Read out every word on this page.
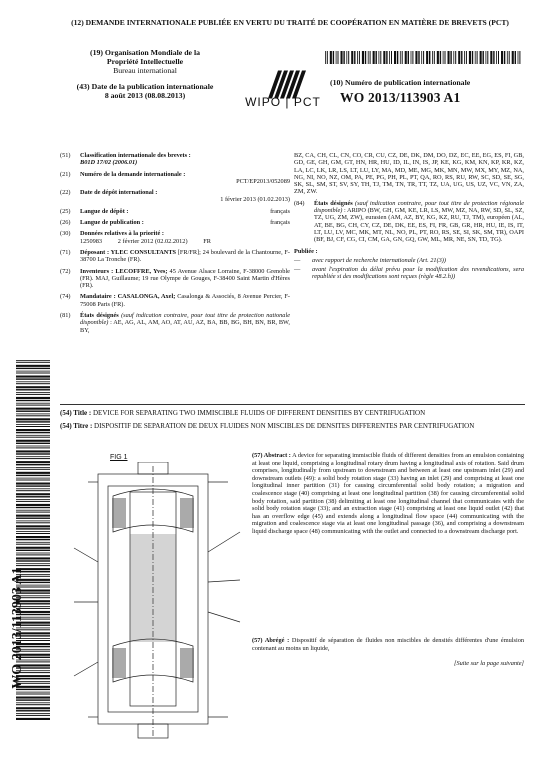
(12) DEMANDE INTERNATIONALE PUBLIÉE EN VERTU DU TRAITÉ DE COOPÉRATION EN MATIÈRE DE BREVETS (PCT)
(19) Organisation Mondiale de la
Propriété Intellectuelle
Bureau international
(43) Date de la publication internationale
8 août 2013 (08.08.2013)	WIPO | PCT
(10) Numéro de publication internationale
WO 2013/113903 A1
WO 2013/113903 A1
(51)	Classification internationale des brevets :
B01D 17/02 (2006.01)
(21)	Numéro de la demande internationale :

PCT/EP2013/052089
(22)	Date de dépôt international :

1 février 2013 (01.02.2013)
(25)	Langue de dépôt :	français
(26)	Langue de publication :	français
(30)	Données relatives à la priorité :
1250983          2 février 2012 (02.02.2012)          FR
(71)	Déposant : YLEC CONSULTANTS [FR/FR]; 24 boulevard de la Chantourne, F-38700 La Tronche (FR).
(72)	Inventeurs : LECOFFRE, Yves; 45 Avenue Alsace Lorraine, F-38000 Grenoble (FR). MAJ, Guillaume; 19 rue Olympe de Gouges, F-38400 Saint Martin d'Hères (FR).
(74)	Mandataire : CASALONGA, Axel; Casalonga & Associés, 8 Avenue Percier, F-75008 Paris (FR).
(81)	États désignés (sauf indication contraire, pour tout titre de protection nationale disponible) : AE, AG, AL, AM, AO, AT, AU, AZ, BA, BB, BG, BH, BN, BR, BW, BY,
BZ, CA, CH, CL, CN, CO, CR, CU, CZ, DE, DK, DM, DO, DZ, EC, EE, EG, ES, FI, GB, GD, GE, GH, GM, GT, HN, HR, HU, ID, IL, IN, IS, JP, KE, KG, KM, KN, KP, KR, KZ, LA, LC, LK, LR, LS, LT, LU, LY, MA, MD, ME, MG, MK, MN, MW, MX, MY, MZ, NA, NG, NI, NO, NZ, OM, PA, PE, PG, PH, PL, PT, QA, RO, RS, RU, RW, SC, SD, SE, SG, SK, SL, SM, ST, SV, SY, TH, TJ, TM, TN, TR, TT, TZ, UA, UG, US, UZ, VC, VN, ZA, ZM, ZW.
(84)	États désignés (sauf indication contraire, pour tout titre de protection régionale disponible) : ARIPO (BW, GH, GM, KE, LR, LS, MW, MZ, NA, RW, SD, SL, SZ, TZ, UG, ZM, ZW), eurasien (AM, AZ, BY, KG, KZ, RU, TJ, TM), européen (AL, AT, BE, BG, CH, CY, CZ, DE, DK, EE, ES, FI, FR, GB, GR, HR, HU, IE, IS, IT, LT, LU, LV, MC, MK, MT, NL, NO, PL, PT, RO, RS, SE, SI, SK, SM, TR), OAPI (BF, BJ, CF, CG, CI, CM, GA, GN, GQ, GW, ML, MR, NE, SN, TD, TG).
Publiée :
—	avec rapport de recherche internationale (Art. 21(3))
—	avant l'expiration du délai prévu pour la modification des revendications, sera republiée si des modifications sont reçues (règle 48.2.h))
(54) Title : DEVICE FOR SEPARATING TWO IMMISCIBLE FLUIDS OF DIFFERENT DENSITIES BY CENTRIFUGATION
(54) Titre : DISPOSITIF DE SEPARATION DE DEUX FLUIDES NON MISCIBLES DE DENSITES DIFFERENTES PAR CENTRIFUGATION
FIG 1	(57) Abstract : A device for separating immiscible fluids of different densities from an emulsion containing at least one liquid, comprising a longitudinal rotary drum having a longitudinal axis of rotation. Said drum comprises, longitudinally from upstream to downstream and between at least one upstream inlet (29) and downstream outlets (49): a solid body rotation stage (33) having an inlet (29) and comprising at least one longitudinal inner partition (31) for causing circumferential solid body rotation; a migration and coalescence stage (40) comprising at least one longitudinal partition (38) for causing circumferential solid body rotation, said partition (38) delimiting at least one longitudinal channel that communicates with the solid body rotation stage (33); and an extraction stage (41) comprising at least one liquid outlet (42) that has an overflow edge (45) and extends along a longitudinal flow space (44) communicating with the migration and coalescence stage via at least one longitudinal passage (36), and comprising a downstream liquid discharge space (48) communicating with the outlet and connected to a downstream discharge port.
(57) Abrégé : Dispositif de séparation de fluides non miscibles de densités différentes d'une émulsion contenant au moins un liquide,
[Suite sur la page suivante]
